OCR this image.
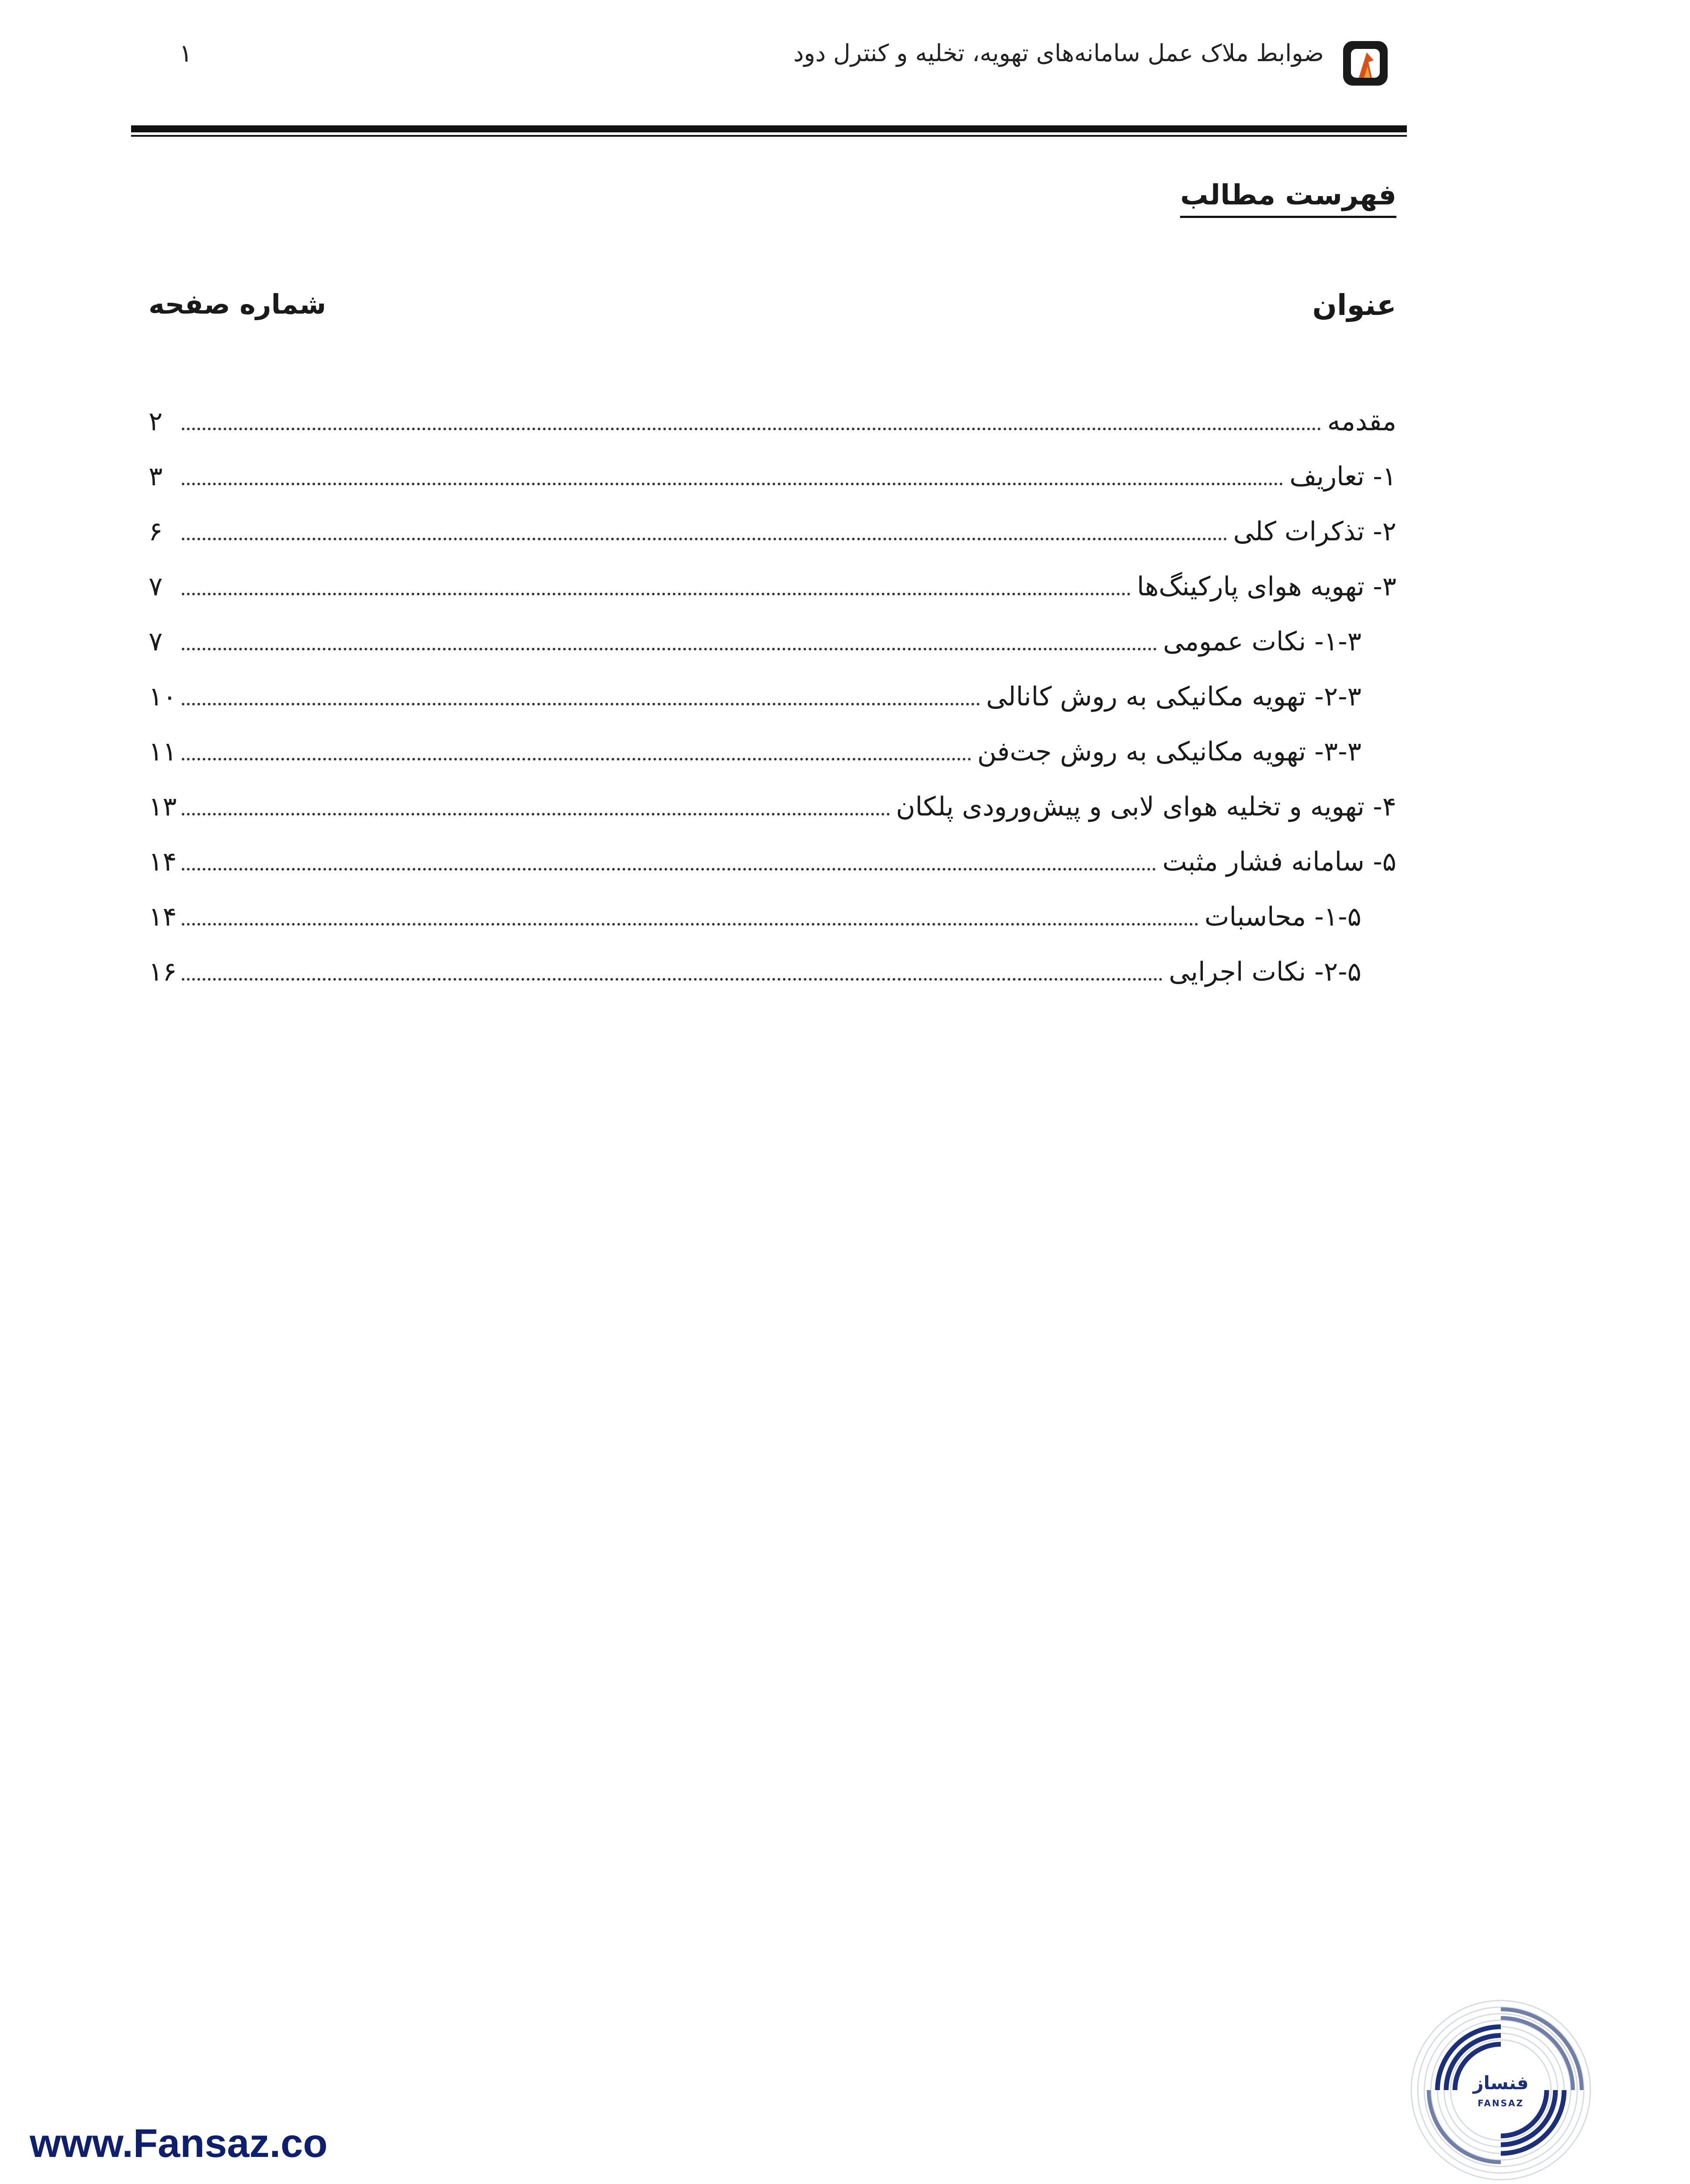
۱	ضوابط ملاک عمل سامانه‌های تهویه، تخلیه و کنترل دود
فهرست مطالب
عنوان
شماره صفحه
مقدمه
۲
۱- تعاریف
۳
۲- تذکرات کلی
۶
۳- تهویه هوای پارکینگ‌ها
۷
۱-۳- نکات عمومی
۷
۲-۳- تهویه مکانیکی به روش کانالی
۱۰
۳-۳- تهویه مکانیکی به روش جت‌فن
۱۱
۴- تهویه و تخلیه هوای لابی و پیش‌ورودی پلکان
۱۳
۵- سامانه فشار مثبت
۱۴
۱-۵- محاسبات
۱۴
۲-۵- نکات اجرایی
۱۶
www.Fansaz.co
فنساز
FANSAZ
